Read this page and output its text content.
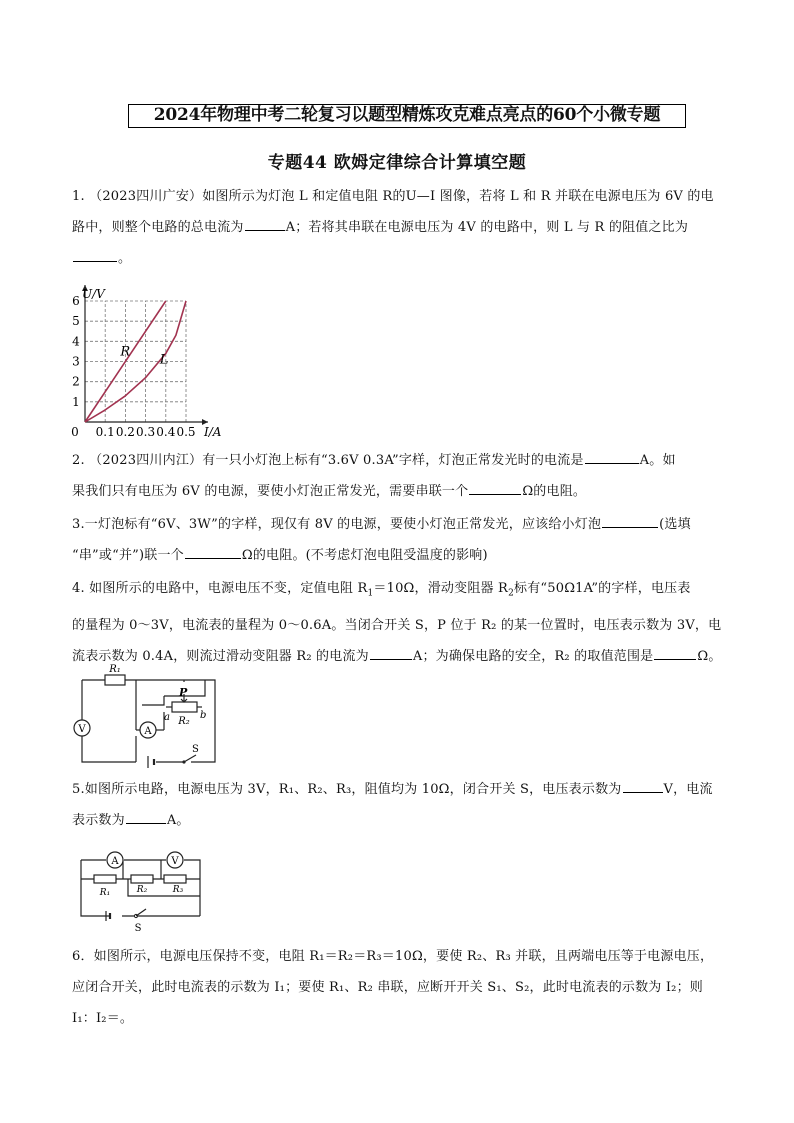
2024年物理中考二轮复习以题型精炼攻克难点亮点的60个小微专题
专题44 欧姆定律综合计算填空题
1. （2023四川广安）如图所示为灯泡 L 和定值电阻 R的U—I 图像，若将 L 和 R 并联在电源电压为 6V 的电
路中，则整个电路的总电流为	A；若将其串联在电源电压为 4V 的电路中，则 L 与 R 的阻值之比为
。
0.1 0.2 0.3 0.4 0.5
1
2
3
4
5
6 U/V
I/A
0
R
L
2. （2023四川内江）有一只小灯泡上标有“3.6V 0.3A”字样，灯泡正常发光时的电流是	A。如
果我们只有电压为 6V 的电源，要使小灯泡正常发光，需要串联一个	Ω的电阻。
3.一灯泡标有“6V、3W”的字样，现仅有 8V 的电源，要使小灯泡正常发光，应该给小灯泡	(选填
“串”或“并”)联一个	Ω的电阻。(不考虑灯泡电阻受温度的影响)
4. 如图所示的电路中，电源电压不变，定值电阻 $R_1=10\Omega$，滑动变阻器 $R_2$标有“50Ω1A”的字样，电压表
的量程为 0～3V，电流表的量程为 0～0.6A。当闭合开关 S，P 位于 R₂ 的某一位置时，电压表示数为 3V，电
流表示数为 0.4A，则流过滑动变阻器 R₂ 的电流为	A；为确保电路的安全，R₂ 的取值范围是	Ω。
V	A
R₁
P
R₂
a	b
S
5.如图所示电路，电源电压为 3V，R₁、R₂、R₃，阻值均为 10Ω，闭合开关 S，电压表示数为	V，电流
表示数为	A。
A	V
R₁	R₂	R₃
S
6．如图所示，电源电压保持不变，电阻 R₁＝R₂＝R₃＝10Ω，要使 R₂、R₃ 并联，且两端电压等于电源电压，
应闭合开关，此时电流表的示数为 I₁；要使 R₁、R₂ 串联，应断开开关 S₁、S₂，此时电流表的示数为 I₂；则
I₁：I₂＝。
